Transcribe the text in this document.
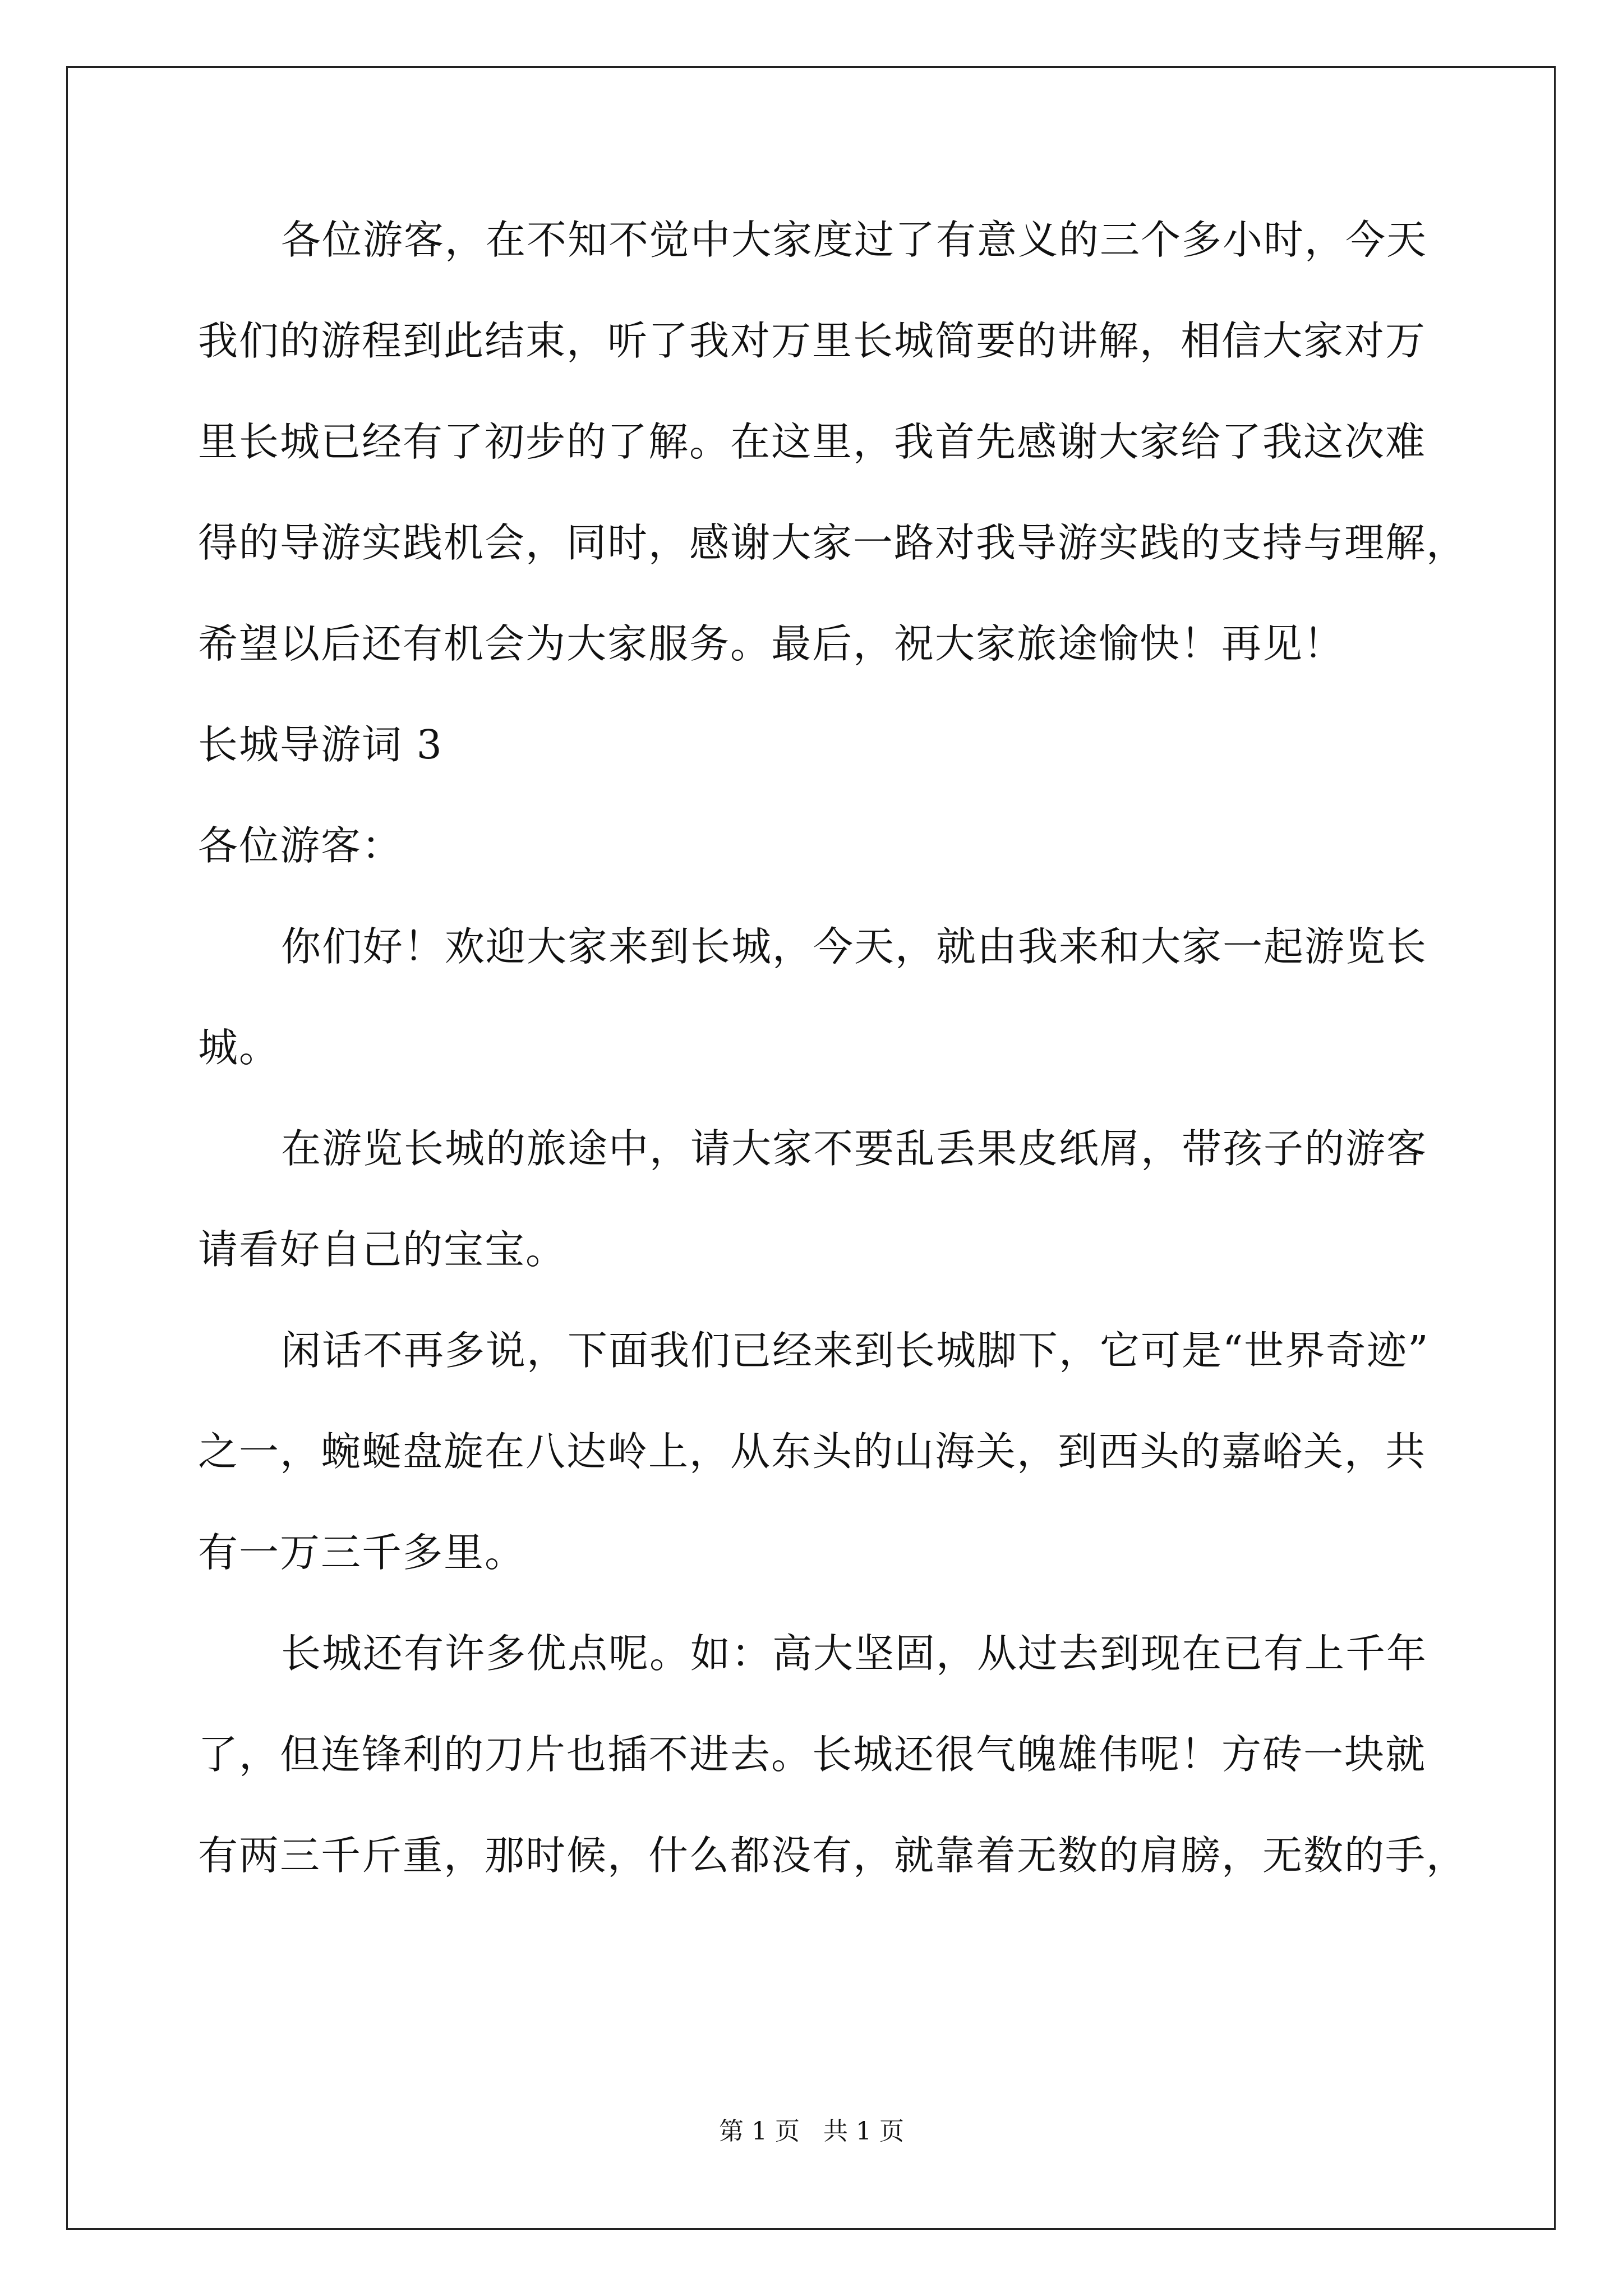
各位游客，在不知不觉中大家度过了有意义的三个多小时，今天
我们的游程到此结束，听了我对万里长城简要的讲解，相信大家对万
里长城已经有了初步的了解。在这里，我首先感谢大家给了我这次难
得的导游实践机会，同时，感谢大家一路对我导游实践的支持与理解，
希望以后还有机会为大家服务。最后，祝大家旅途愉快！再见！
长城导游词 3
各位游客：
你们好！欢迎大家来到长城，今天，就由我来和大家一起游览长
城。
在游览长城的旅途中，请大家不要乱丢果皮纸屑，带孩子的游客
请看好自己的宝宝。
闲话不再多说，下面我们已经来到长城脚下，它可是“世界奇迹”
之一，蜿蜒盘旋在八达岭上，从东头的山海关，到西头的嘉峪关，共
有一万三千多里。
长城还有许多优点呢。如：高大坚固，从过去到现在已有上千年
了，但连锋利的刀片也插不进去。长城还很气魄雄伟呢！方砖一块就
有两三千斤重，那时候，什么都没有，就靠着无数的肩膀，无数的手，
第 1 页   共 1 页
